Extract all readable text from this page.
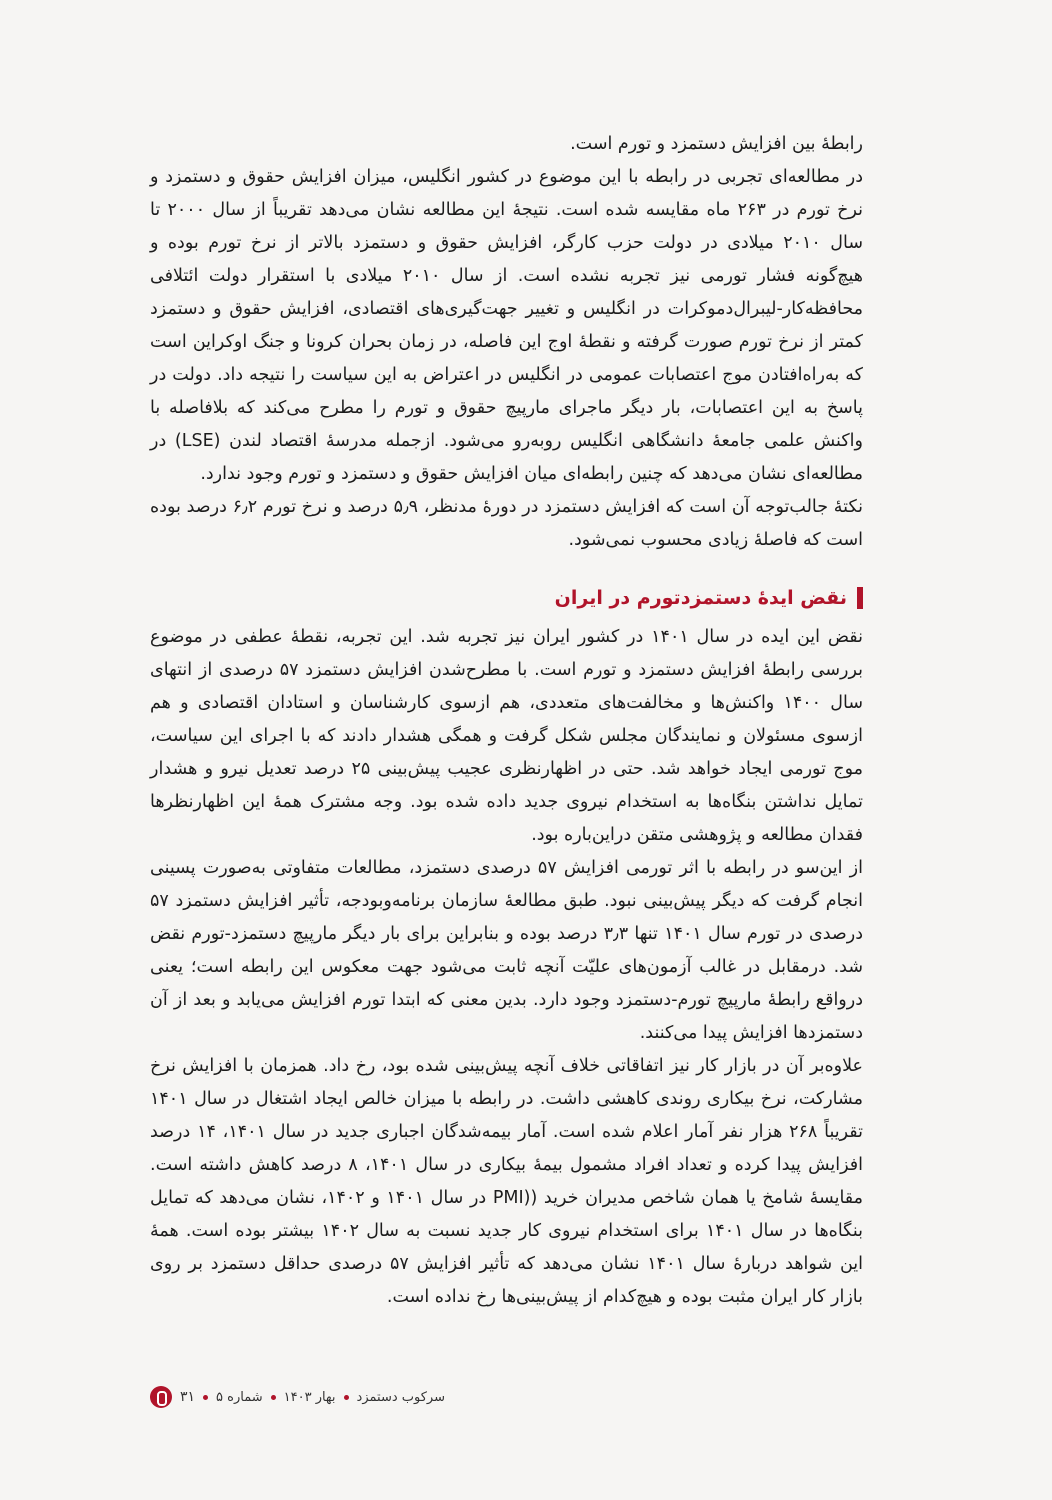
رابطهٔ بین افزایش دستمزد و تورم است.

در مطالعه‌ای تجربی در رابطه با این موضوع در کشور انگلیس، میزان افزایش حقوق و دستمزد و نرخ تورم در ۲۶۳ ماه مقایسه شده است. نتیجهٔ این مطالعه نشان می‌دهد تقریباً از سال ۲۰۰۰ تا سال ۲۰۱۰ میلادی در دولت حزب کارگر، افزایش حقوق و دستمزد بالاتر از نرخ تورم بوده و هیچ‌گونه فشار تورمی نیز تجربه نشده است. از سال ۲۰۱۰ میلادی با استقرار دولت ائتلافی محافظه‌کار-لیبرال‌دموکرات در انگلیس و تغییر جهت‌گیری‌های اقتصادی، افزایش حقوق و دستمزد کمتر از نرخ تورم صورت گرفته و نقطهٔ اوج این فاصله، در زمان بحران کرونا و جنگ اوکراین است که به‌راه‌افتادن موج اعتصابات عمومی در انگلیس در اعتراض به این سیاست را نتیجه داد. دولت در پاسخ به این اعتصابات، بار دیگر ماجرای مارپیچ حقوق و تورم را مطرح می‌کند که بلافاصله با واکنش علمی جامعهٔ دانشگاهی انگلیس روبه‌رو می‌شود. ازجمله مدرسهٔ اقتصاد لندن (LSE) در مطالعه‌ای نشان می‌دهد که چنین رابطه‌ای میان افزایش حقوق و دستمزد و تورم وجود ندارد.

نکتهٔ جالب‌توجه آن است که افزایش دستمزد در دورهٔ مدنظر، ۵٫۹ درصد و نرخ تورم ۶٫۲ درصد بوده است که فاصلهٔ زیادی محسوب نمی‌شود.

نقض ایدهٔ دستمزد‌تورم در ایران

نقض این ایده در سال ۱۴۰۱ در کشور ایران نیز تجربه شد. این تجربه، نقطهٔ عطفی در موضوع بررسی رابطهٔ افزایش دستمزد و تورم است. با مطرح‌شدن افزایش دستمزد ۵۷ درصدی از انتهای سال ۱۴۰۰ واکنش‌ها و مخالفت‌های متعددی، هم ازسوی کارشناسان و استادان اقتصادی و هم ازسوی مسئولان و نمایندگان مجلس شکل گرفت و همگی هشدار دادند که با اجرای این سیاست، موج تورمی ایجاد خواهد شد. حتی در اظهارنظری عجیب پیش‌بینی ۲۵ درصد تعدیل نیرو و هشدار تمایل نداشتن بنگاه‌ها به استخدام نیروی جدید داده شده بود. وجه مشترک همهٔ این اظهارنظرها فقدان مطالعه و پژوهشی متقن دراین‌باره بود.

از این‌سو در رابطه با اثر تورمی افزایش ۵۷ درصدی دستمزد، مطالعات متفاوتی به‌صورت پسینی انجام گرفت که دیگر پیش‌بینی نبود. طبق مطالعهٔ سازمان برنامه‌وبودجه، تأثیر افزایش دستمزد ۵۷ درصدی در تورم سال ۱۴۰۱ تنها ۳٫۳ درصد بوده و بنابراین برای بار دیگر مارپیچ دستمزد-تورم نقض شد. درمقابل در غالب آزمون‌های علیّت آنچه ثابت می‌شود جهت معکوس این رابطه است؛ یعنی درواقع رابطهٔ مارپیچ تورم-دستمزد وجود دارد. بدین معنی که ابتدا تورم افزایش می‌یابد و بعد از آن دستمزدها افزایش پیدا می‌کنند.

علاوه‌بر آن در بازار کار نیز اتفاقاتی خلاف آنچه پیش‌بینی شده بود، رخ داد. همزمان با افزایش نرخ مشارکت، نرخ بیکاری روندی کاهشی داشت. در رابطه با میزان خالص ایجاد اشتغال در سال ۱۴۰۱ تقریباً ۲۶۸ هزار نفر آمار اعلام شده است. آمار بیمه‌شدگان اجباری جدید در سال ۱۴۰۱، ۱۴ درصد افزایش پیدا کرده و تعداد افراد مشمول بیمهٔ بیکاری در سال ۱۴۰۱، ۸ درصد کاهش داشته است. مقایسهٔ شامخ یا همان شاخص مدیران خرید ((PMI در سال ۱۴۰۱ و ۱۴۰۲، نشان می‌دهد که تمایل بنگاه‌ها در سال ۱۴۰۱ برای استخدام نیروی کار جدید نسبت به سال ۱۴۰۲ بیشتر بوده است. همهٔ این شواهد دربارهٔ سال ۱۴۰۱ نشان می‌دهد که تأثیر افزایش ۵۷ درصدی حداقل دستمزد بر روی بازار کار ایران مثبت بوده و هیچ‌کدام از پیش‌بینی‌ها رخ نداده است.

سرکوب دستمزد
بهار ۱۴۰۳
شماره ۵
۳۱
